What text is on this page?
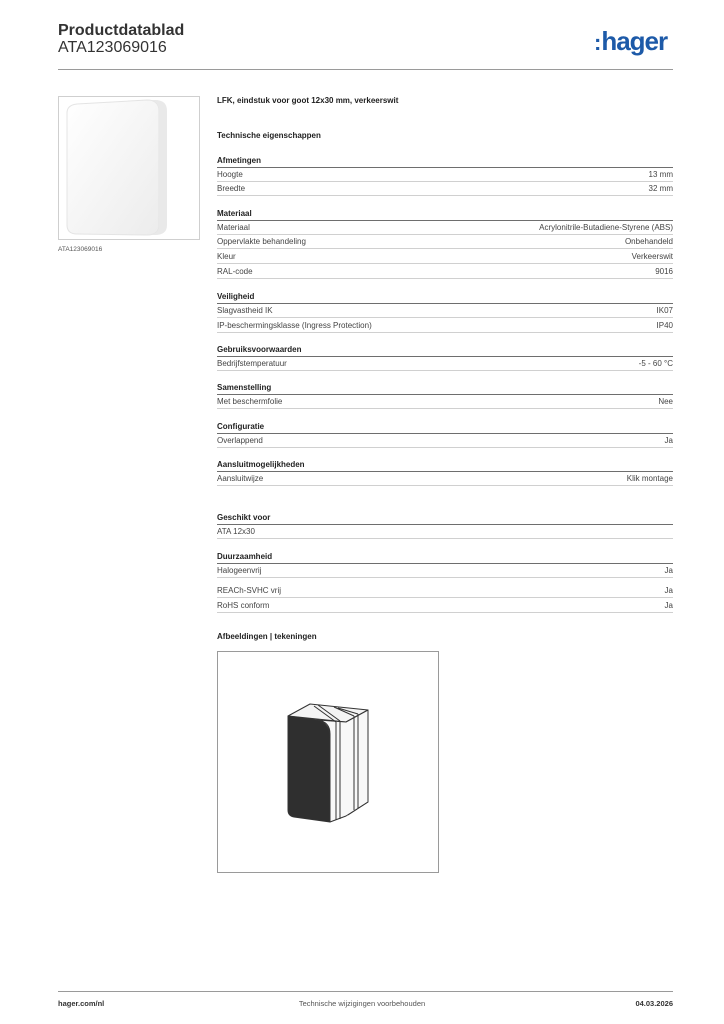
Productdatablad
ATA123069016	:hager
ATA123069016
LFK, eindstuk voor goot 12x30 mm, verkeerswit
Technische eigenschappen
Afmetingen
Hoogte	13 mm
Breedte	32 mm
Materiaal
Materiaal	Acrylonitrile-Butadiene-Styrene (ABS)
Oppervlakte behandeling	Onbehandeld
Kleur	Verkeerswit
RAL-code	9016
Veiligheid
Slagvastheid IK	IK07
IP-beschermingsklasse (Ingress Protection)	IP40
Gebruiksvoorwaarden
Bedrijfstemperatuur	-5 - 60 °C
Samenstelling
Met beschermfolie	Nee
Configuratie
Overlappend	Ja
Aansluitmogelijkheden
Aansluitwijze	Klik montage
Geschikt voor
ATA 12x30
Duurzaamheid
Halogeenvrij	Ja
REACh-SVHC vrij	Ja
RoHS conform	Ja
Afbeeldingen | tekeningen
hager.com/nl	Technische wijzigingen voorbehouden	04.03.2026
